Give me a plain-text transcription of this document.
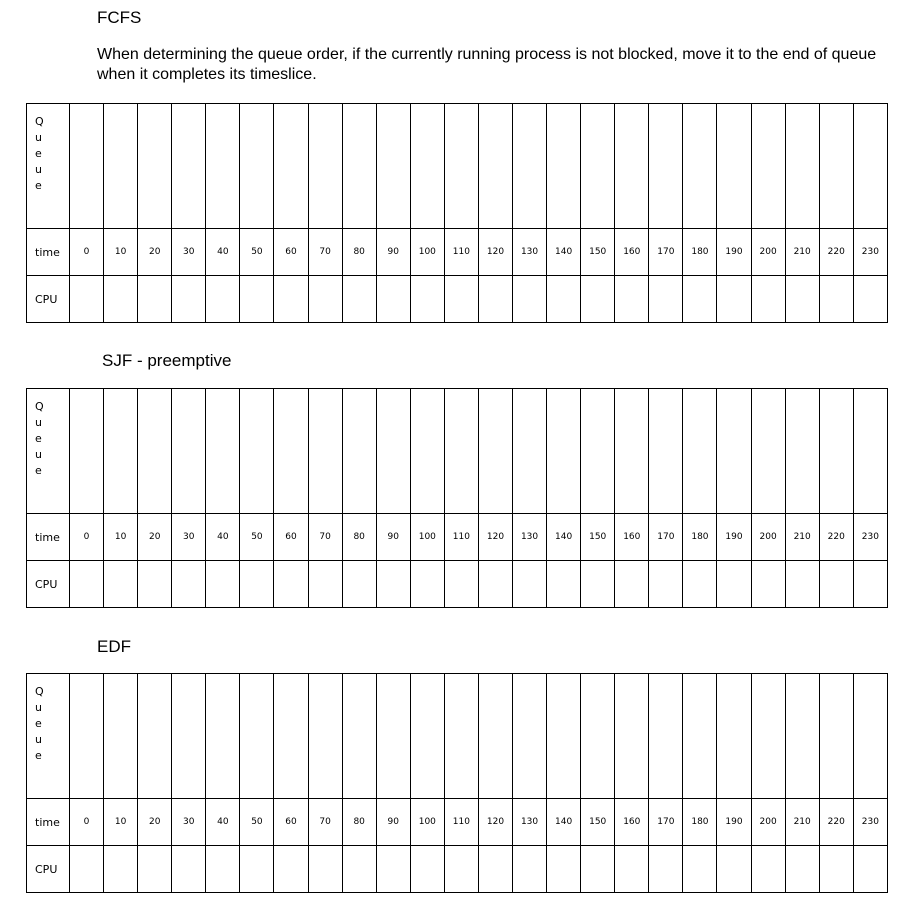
FCFS
When determining the queue order, if the currently running process is not blocked, move it to the end of queue when it completes its timeslice.
SJF - preemptive
EDF
Q
u
e
u
e																								

time	0	10	20	30	40	50	60	70	80	90	100	110	120	130	140	150	160	170	180	190	200	210	220	230
CPU																								
Q
u
e
u
e																								

time	0	10	20	30	40	50	60	70	80	90	100	110	120	130	140	150	160	170	180	190	200	210	220	230
CPU																								
Q
u
e
u
e																								

time	0	10	20	30	40	50	60	70	80	90	100	110	120	130	140	150	160	170	180	190	200	210	220	230
CPU																								
